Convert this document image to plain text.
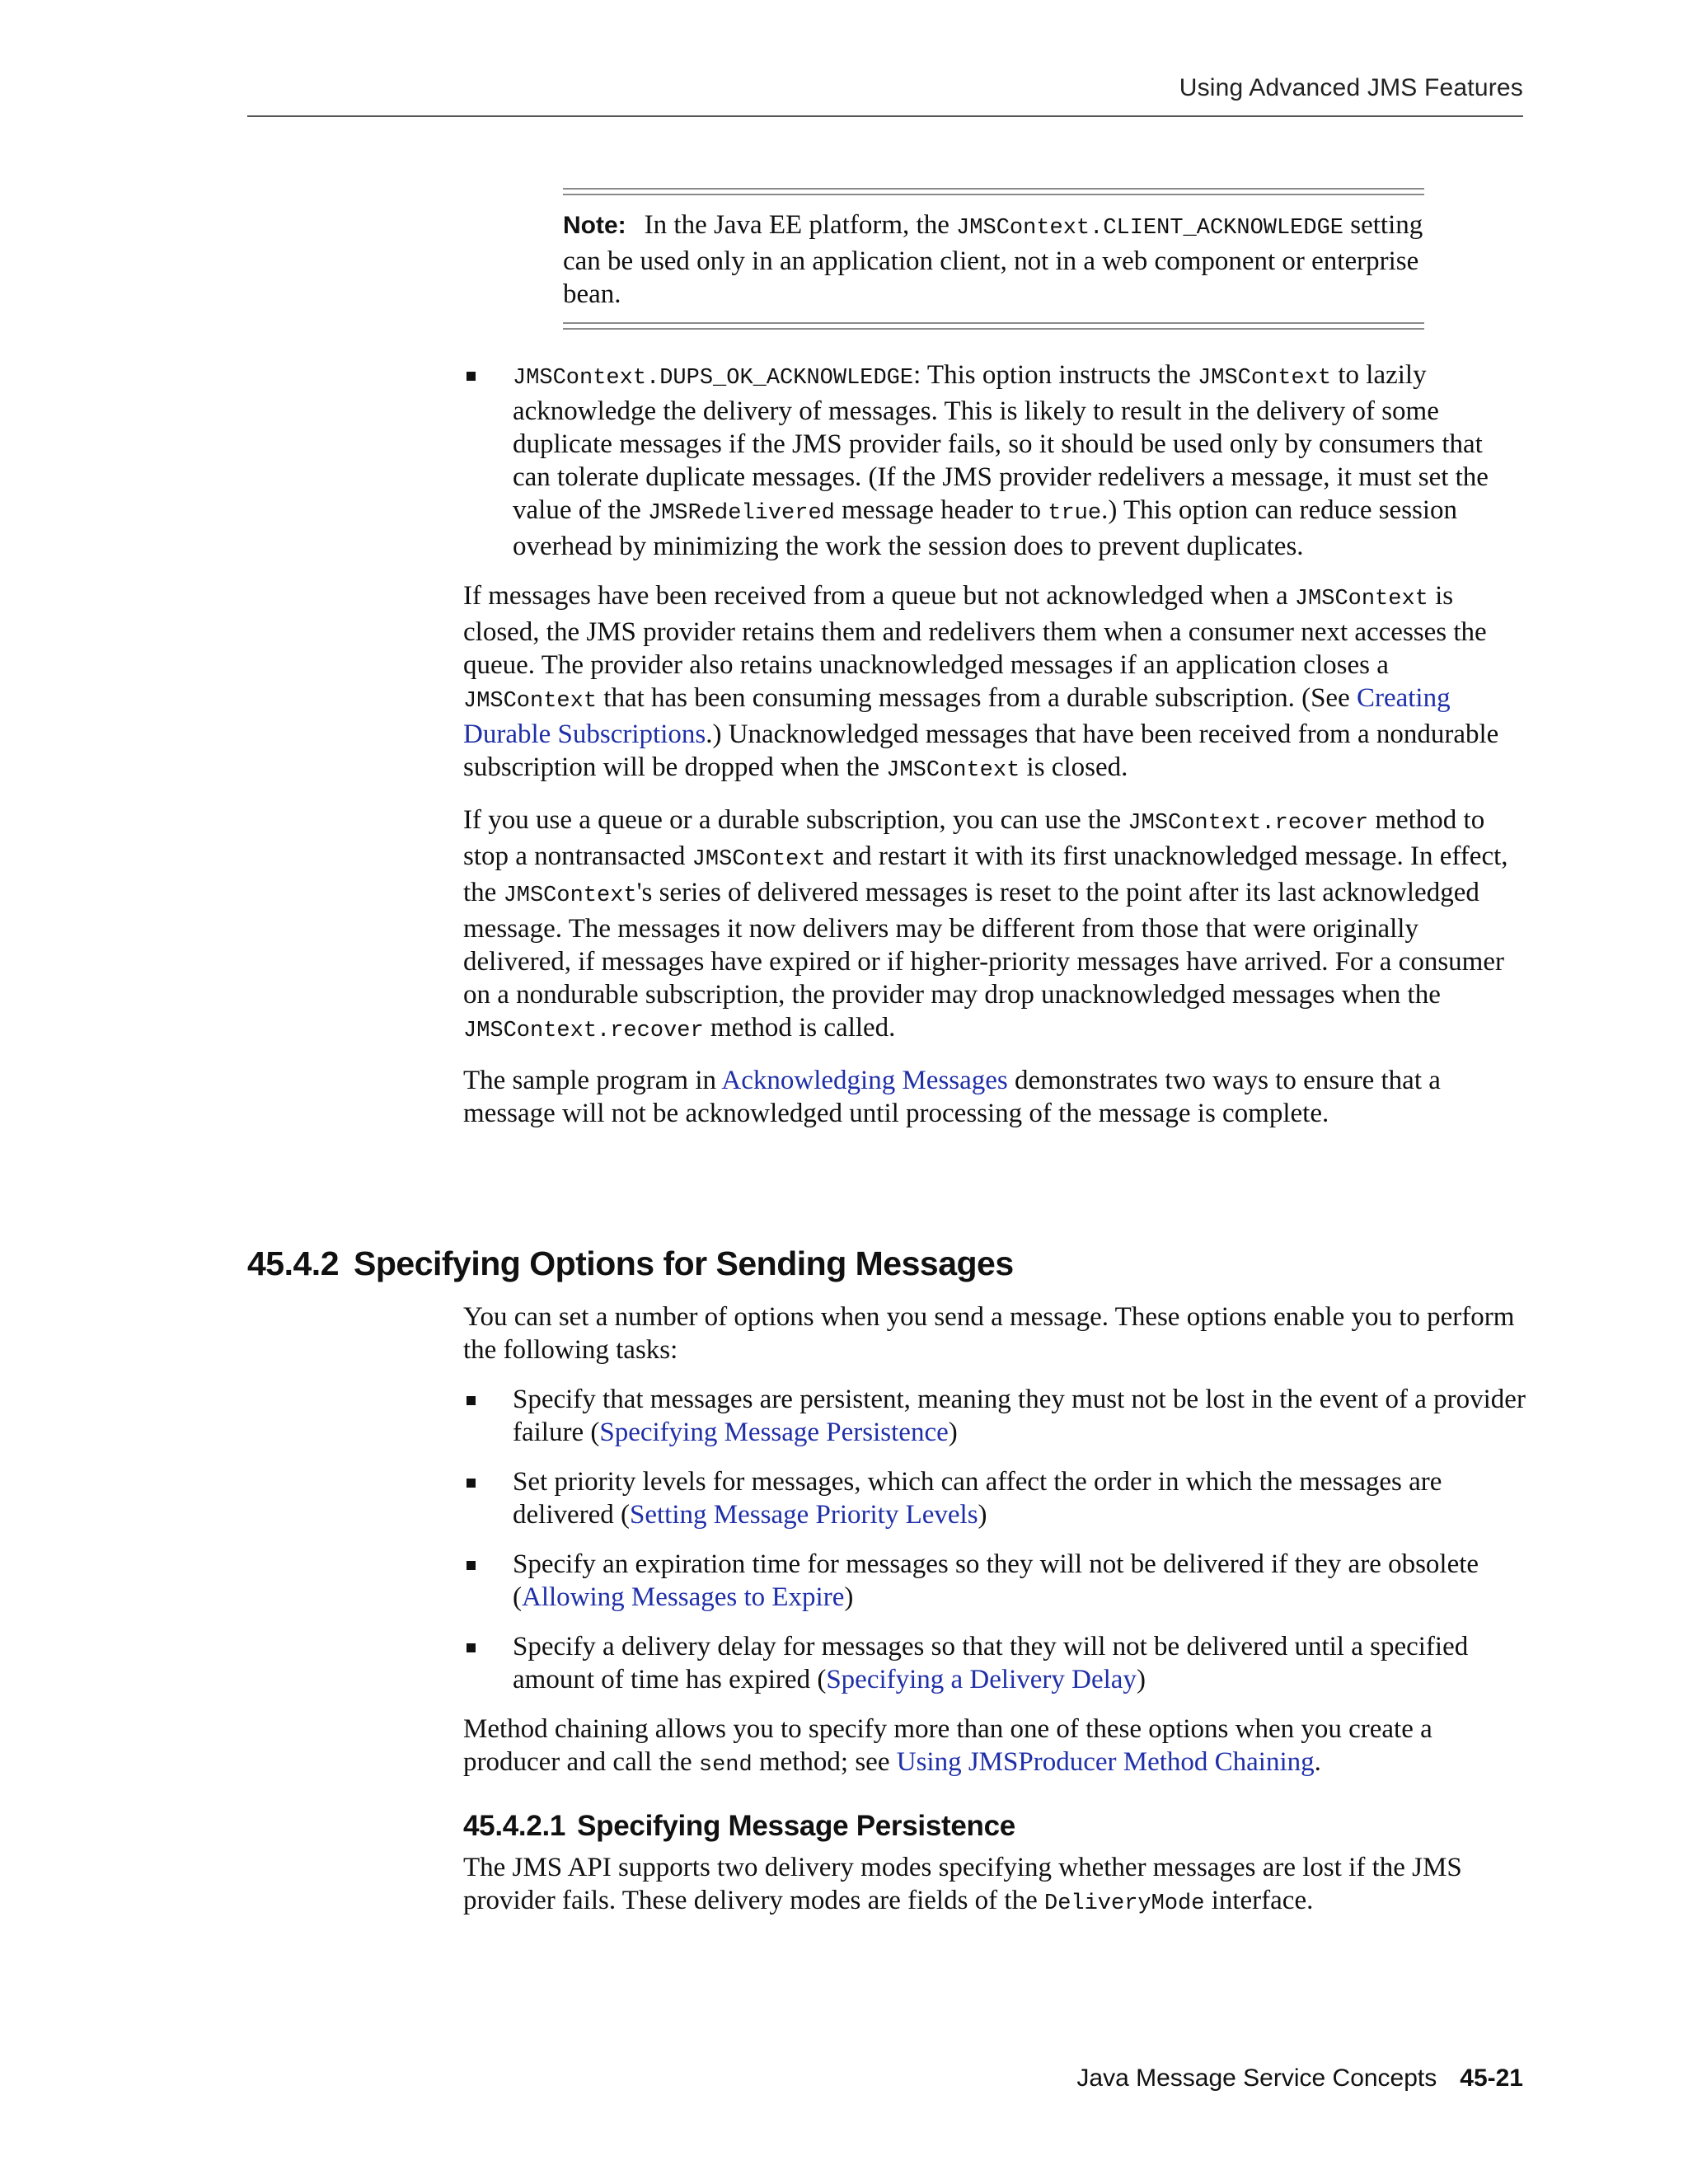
Using Advanced JMS Features
Note: In the Java EE platform, the JMSContext.CLIENT_ACKNOWLEDGE setting can be used only in an application client, not in a web component or enterprise bean.
JMSContext.DUPS_OK_ACKNOWLEDGE: This option instructs the JMSContext to lazily acknowledge the delivery of messages. This is likely to result in the delivery of some duplicate messages if the JMS provider fails, so it should be used only by consumers that can tolerate duplicate messages. (If the JMS provider redelivers a message, it must set the value of the JMSRedelivered message header to true.) This option can reduce session overhead by minimizing the work the session does to prevent duplicates.

If messages have been received from a queue but not acknowledged when a JMSContext is closed, the JMS provider retains them and redelivers them when a consumer next accesses the queue. The provider also retains unacknowledged messages if an application closes a JMSContext that has been consuming messages from a durable subscription. (See Creating Durable Subscriptions.) Unacknowledged messages that have been received from a nondurable subscription will be dropped when the JMSContext is closed.

If you use a queue or a durable subscription, you can use the JMSContext.recover method to stop a nontransacted JMSContext and restart it with its first unacknowledged message. In effect, the JMSContext's series of delivered messages is reset to the point after its last acknowledged message. The messages it now delivers may be different from those that were originally delivered, if messages have expired or if higher-priority messages have arrived. For a consumer on a nondurable subscription, the provider may drop unacknowledged messages when the JMSContext.recover method is called.

The sample program in Acknowledging Messages demonstrates two ways to ensure that a message will not be acknowledged until processing of the message is complete.

45.4.2 Specifying Options for Sending Messages

You can set a number of options when you send a message. These options enable you to perform the following tasks:

Specify that messages are persistent, meaning they must not be lost in the event of a provider failure (Specifying Message Persistence)
Set priority levels for messages, which can affect the order in which the messages are delivered (Setting Message Priority Levels)
Specify an expiration time for messages so they will not be delivered if they are obsolete (Allowing Messages to Expire)
Specify a delivery delay for messages so that they will not be delivered until a specified amount of time has expired (Specifying a Delivery Delay)

Method chaining allows you to specify more than one of these options when you create a producer and call the send method; see Using JMSProducer Method Chaining.

45.4.2.1 Specifying Message Persistence

The JMS API supports two delivery modes specifying whether messages are lost if the JMS provider fails. These delivery modes are fields of the DeliveryMode interface.

Java Message Service Concepts 45-21
